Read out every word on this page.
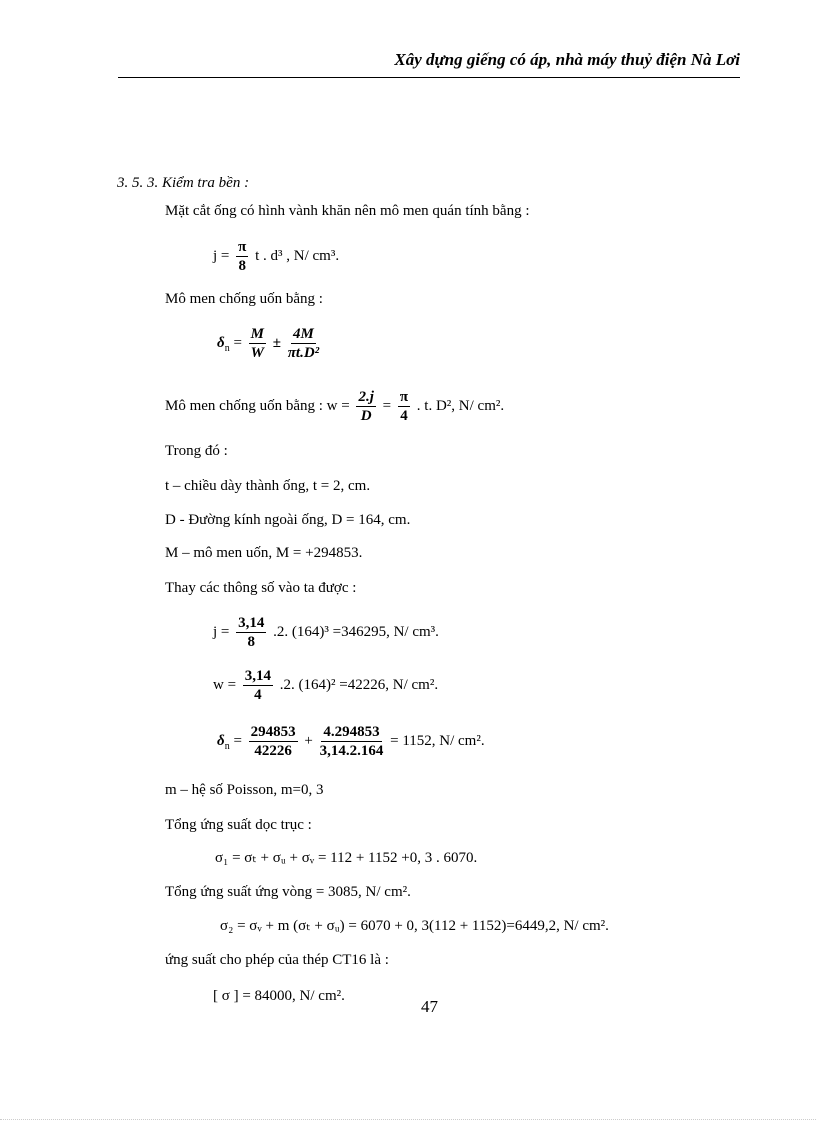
Xây dựng giếng có áp, nhà máy thuỷ điện Nà Lơi
3. 5. 3. Kiểm tra bền :
Mặt cắt ống có hình vành khăn nên mô men quán tính bằng :
$j = \frac{\pi}{8}$ t . d³ , N/ cm³.
Mô men chống uốn bằng :
$\delta_n = \frac{M}{W} \pm \frac{4M}{\text{πt.D²}}$
Mô men chống uốn bằng : $w = \frac{2.j}{D} = \frac{\pi}{4}$ . t. D², N/ cm².
Trong đó :
t – chiều dày thành ống, t = 2, cm.
D - Đường kính ngoài ống, D = 164, cm.
M – mô men uốn, M = +294853.
Thay các thông số vào ta được :
$j = \frac{3,14}{8} .2$. (164)³ =346295, N/ cm³.
$w = \frac{3,14}{4} .2$. (164)² =42226, N/ cm².
$\delta_n = \frac{294853}{42226} + \frac{4.294853}{3,14.2.164} = 1152$, N/ cm².
m – hệ số Poisson, m=0, 3
Tổng ứng suất dọc trục :
σ₁ = σₜ + σᵤ + σᵥ = 112 + 1152 +0, 3 . 6070.
Tổng ứng suất ứng vòng = 3085, N/ cm².
σ₂ = σᵥ + m (σₜ + σᵤ) = 6070 + 0, 3(112 + 1152)=6449,2, N/ cm².
ứng suất cho phép của thép CT16 là :
[ σ ] = 84000, N/ cm².
47
